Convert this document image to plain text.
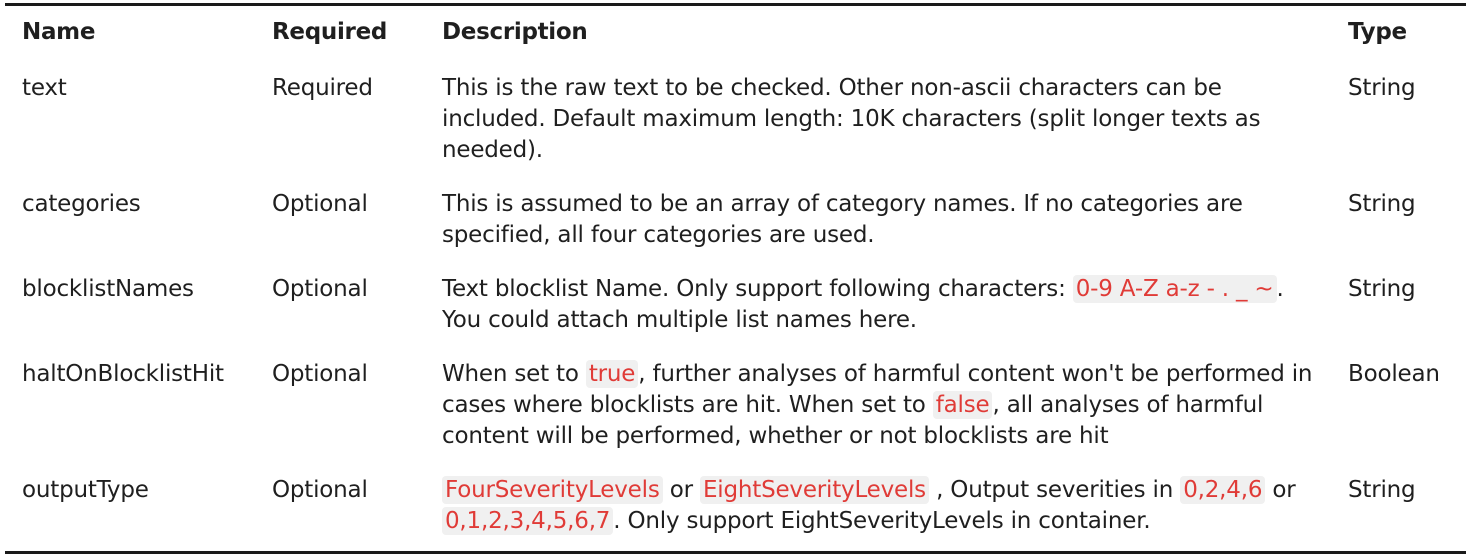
Name	Required	Description	Type
text	Required	This is the raw text to be checked. Other non-ascii characters can be included. Default maximum length: 10K characters (split longer texts as needed).	String
categories	Optional	This is assumed to be an array of category names. If no categories are specified, all four categories are used.	String
blocklistNames	Optional	Text blocklist Name. Only support following characters: 0-9 A-Z a-z - . _ ~ . You could attach multiple list names here.	String
haltOnBlocklistHit	Optional	When set to true , further analyses of harmful content won't be performed in cases where blocklists are hit. When set to false , all analyses of harmful content will be performed, whether or not blocklists are hit	Boolean
outputType	Optional	FourSeverityLevels or EightSeverityLevels , Output severities in 0,2,4,6 or 0,1,2,3,4,5,6,7 . Only support EightSeverityLevels in container.	String
